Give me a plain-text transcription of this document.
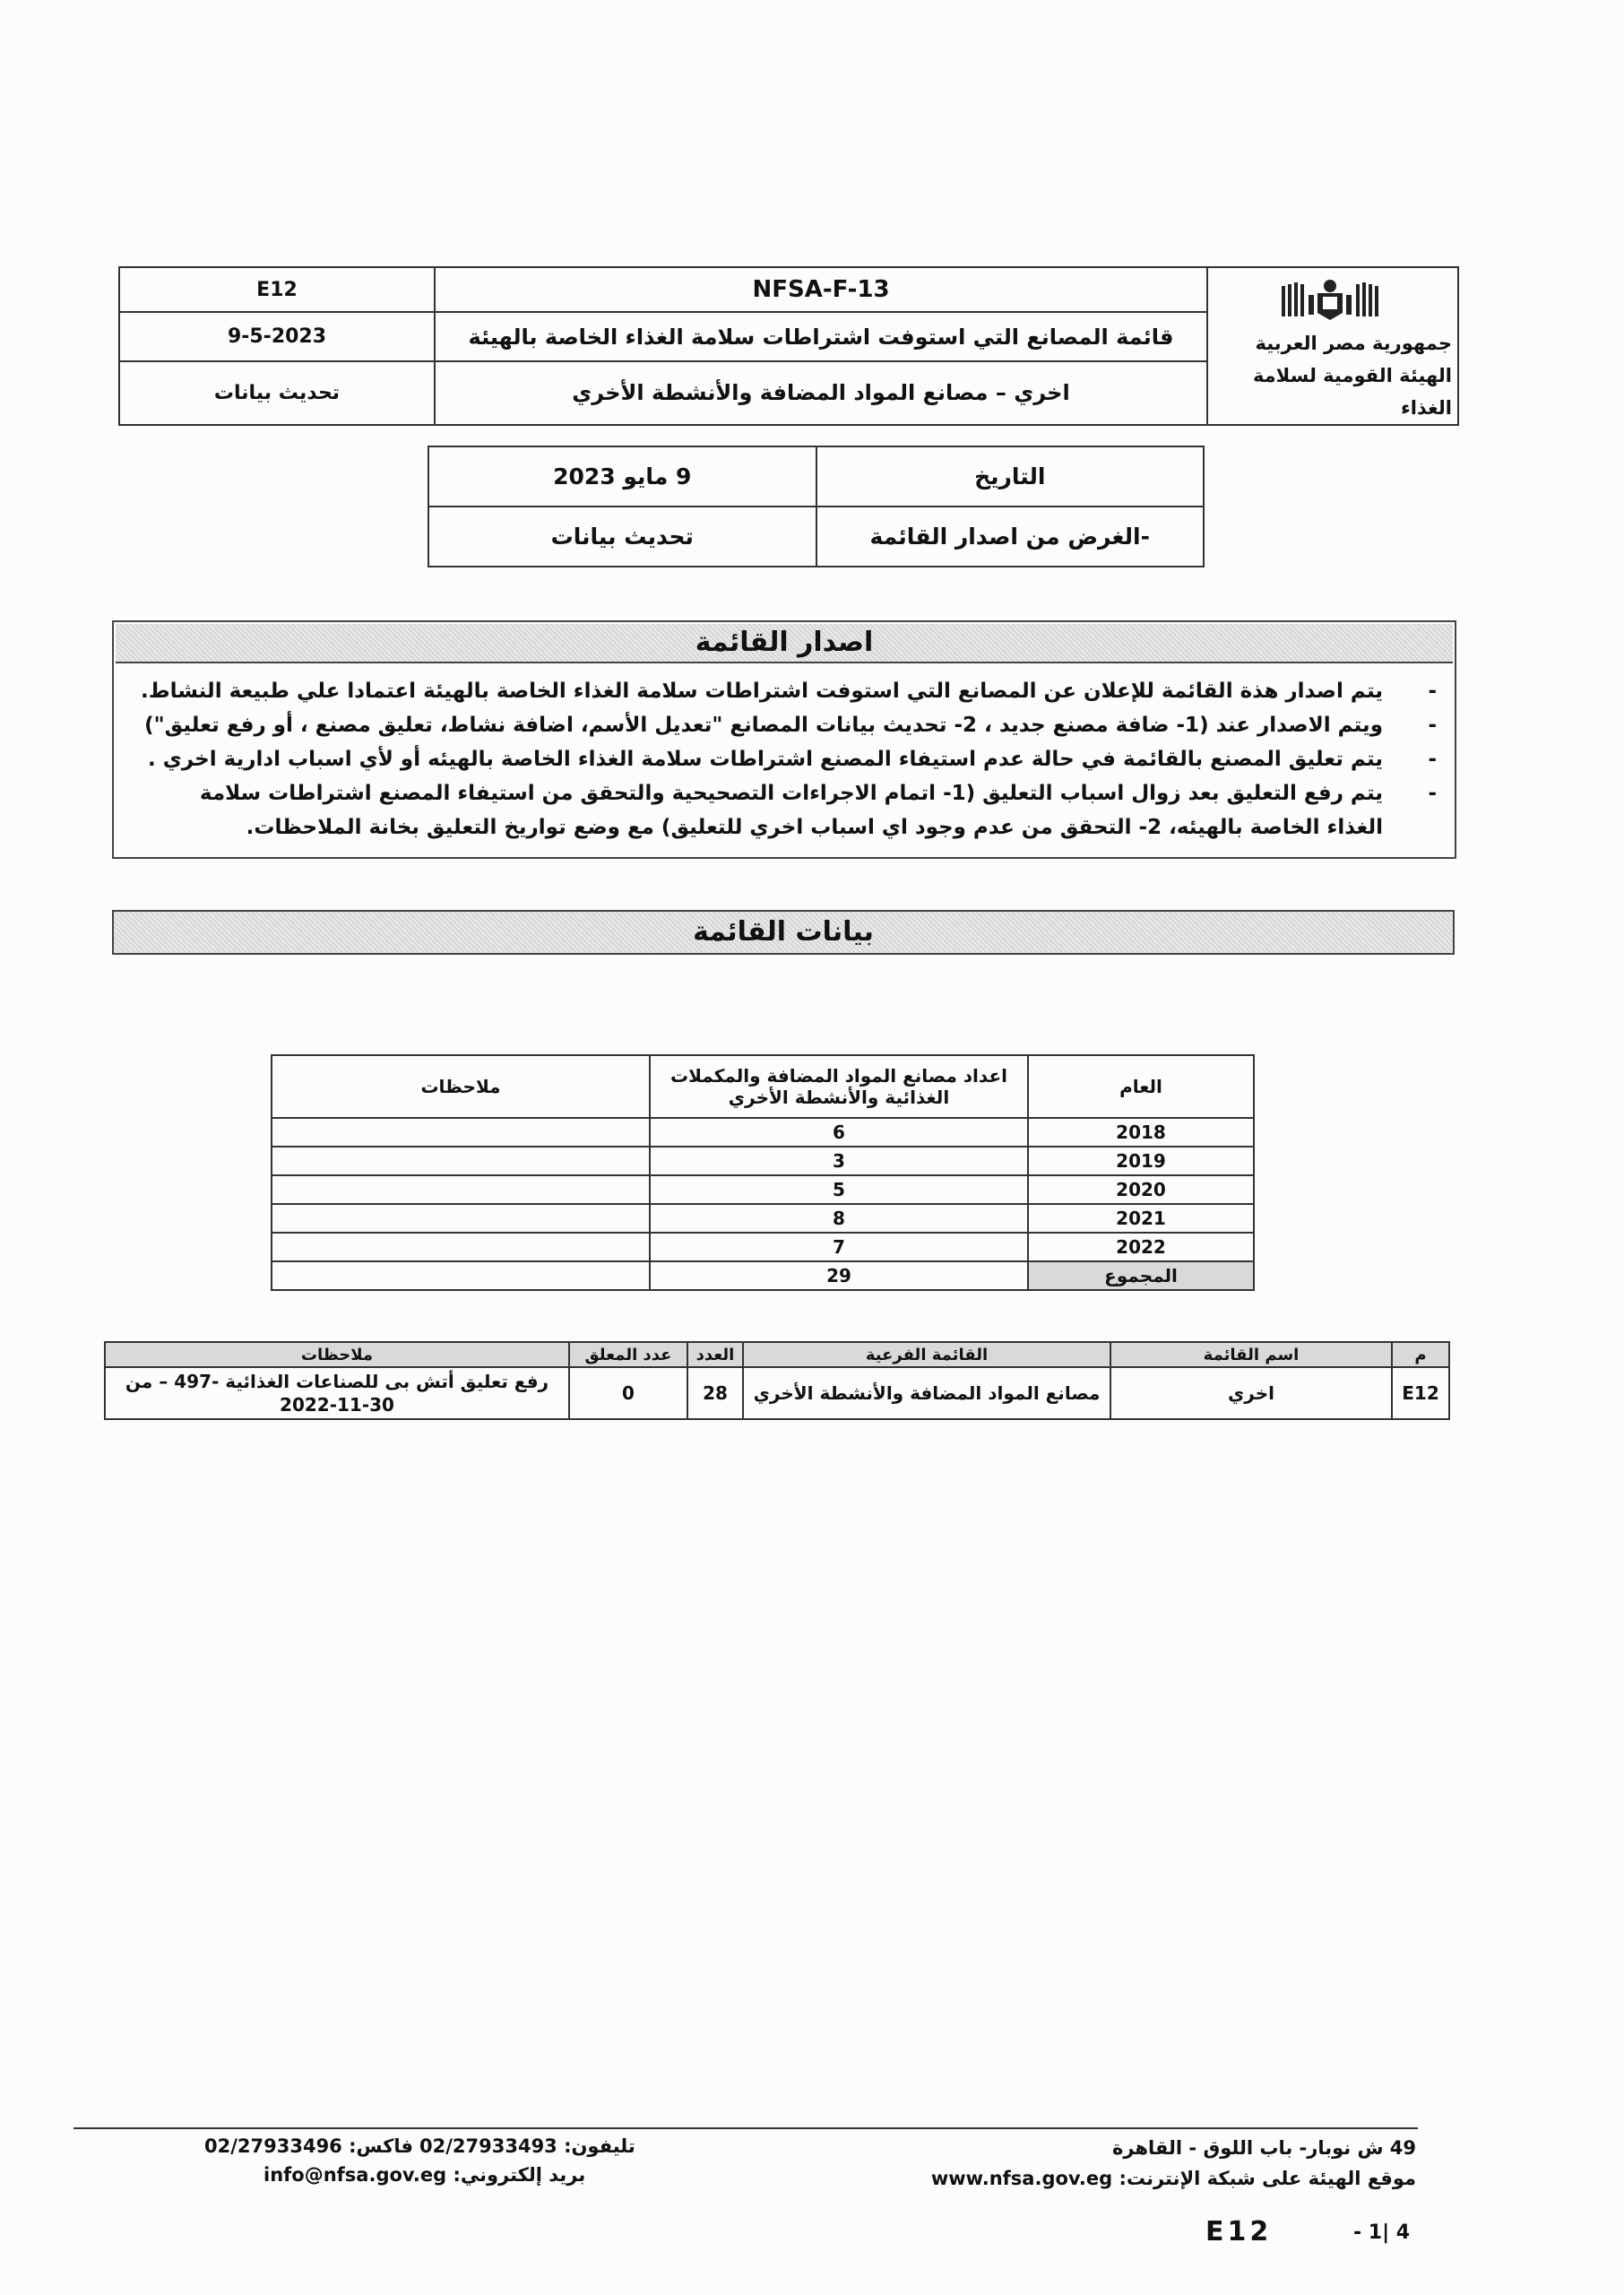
E12	NFSA-F-13	جمهورية مصر العربية
الهيئة القومية لسلامة الغذاء

9-5-2023	قائمة المصانع التي استوفت اشتراطات سلامة الغذاء الخاصة بالهيئة	
تحديث بيانات	اخري – مصانع المواد المضافة والأنشطة الأخري	
التاريخ	9 مايو 2023
-الغرض من اصدار القائمة	تحديث بيانات
اصدار القائمة
- يتم اصدار هذة القائمة للإعلان عن المصانع التي استوفت اشتراطات سلامة الغذاء الخاصة بالهيئة اعتمادا علي طبيعة النشاط.
- ويتم الاصدار عند (1- ضافة مصنع جديد ، 2- تحديث بيانات المصانع "تعديل الأسم، اضافة نشاط، تعليق مصنع ، أو رفع تعليق")
- يتم تعليق المصنع بالقائمة في حالة عدم استيفاء المصنع اشتراطات سلامة الغذاء الخاصة بالهيئه أو لأي اسباب ادارية اخري .
- يتم رفع التعليق بعد زوال اسباب التعليق (1- اتمام الاجراءات التصحيحية والتحقق من استيفاء المصنع اشتراطات سلامة الغذاء الخاصة بالهيئه، 2- التحقق من عدم وجود اي اسباب اخري للتعليق) مع وضع تواريخ التعليق بخانة الملاحظات.
بيانات القائمة
العام	اعداد مصانع المواد المضافة والمكملات الغذائية والأنشطة الأخري	ملاحظات
2018	6	
2019	3	
2020	5	
2021	8	
2022	7	
المجموع	29	
م	اسم القائمة	القائمة الفرعية	العدد	عدد المعلق	ملاحظات
E12	اخري	مصانع المواد المضافة والأنشطة الأخري	28	0	رفع تعليق أتش بى للصناعات الغذائية -497 – من
2022-11-30
49 ش نوبار- باب اللوق - القاهرة
موقع الهيئة على شبكة الإنترنت: www.nfsa.gov.eg
تليفون: 02/27933493
فاكس: 02/27933496
بريد إلكتروني: info@nfsa.gov.eg
E12	- 1| 4
